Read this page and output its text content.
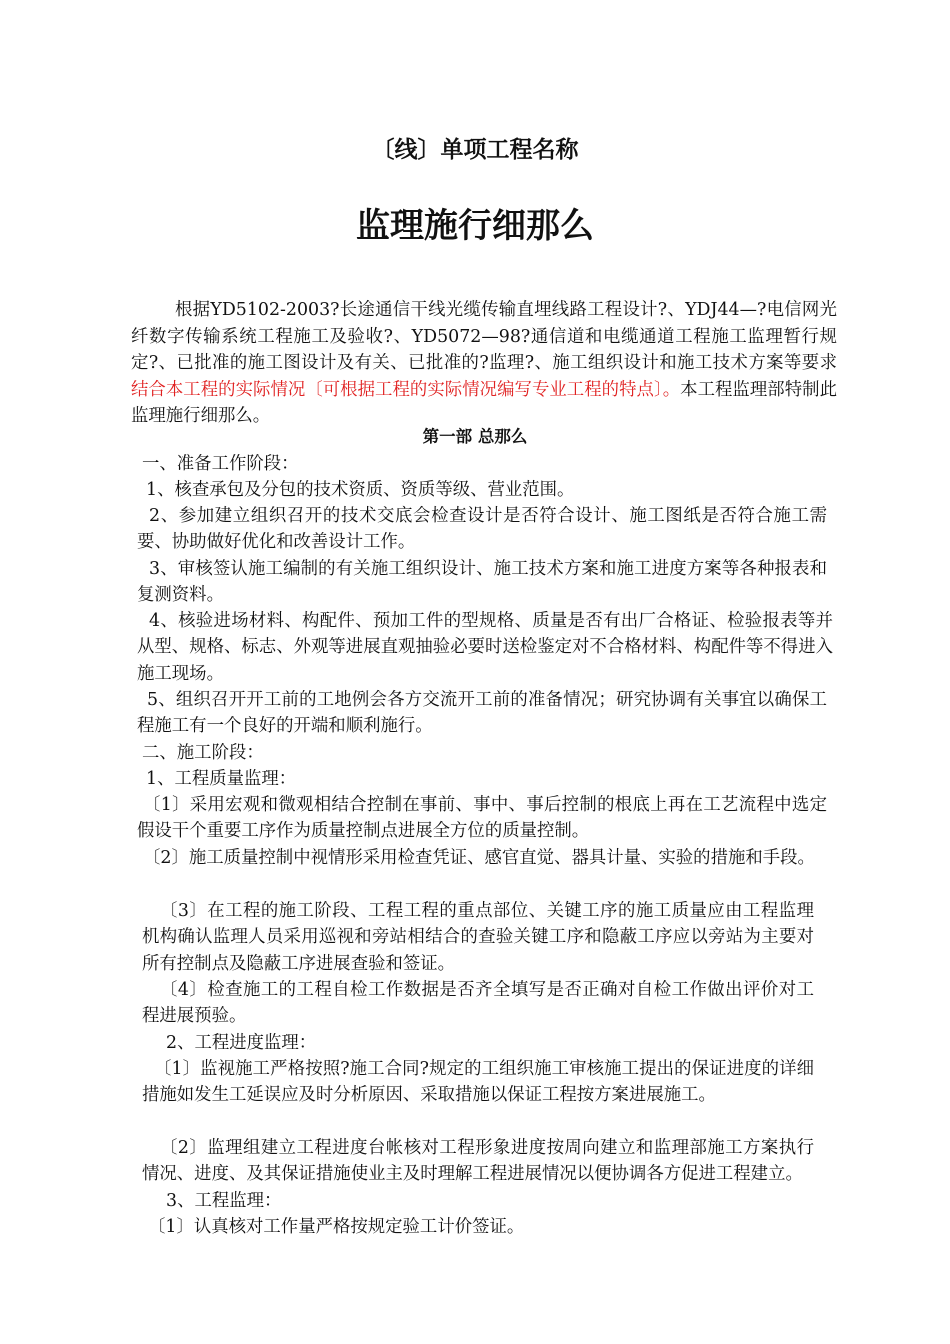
〔线〕单项工程名称
监理施行细那么
根据YD5102-2003?长途通信干线光缆传输直埋线路工程设计?、YDJ44—?电信网光纤数字传输系统工程施工及验收?、YD5072—98?通信道和电缆通道工程施工监理暂行规定?、已批准的施工图设计及有关、已批准的?监理?、施工组织设计和施工技术方案等要求结合本工程的实际情况〔可根据工程的实际情况编写专业工程的特点〕。本工程监理部特制此监理施行细那么。
第一部 总那么
一、准备工作阶段：
1、核查承包及分包的技术资质、资质等级、营业范围。
2、参加建立组织召开的技术交底会检查设计是否符合设计、施工图纸是否符合施工需要、协助做好优化和改善设计工作。
3、审核签认施工编制的有关施工组织设计、施工技术方案和施工进度方案等各种报表和复测资料。
4、核验进场材料、构配件、预加工件的型规格、质量是否有出厂合格证、检验报表等并从型、规格、标志、外观等进展直观抽验必要时送检鉴定对不合格材料、构配件等不得进入施工现场。
5、组织召开开工前的工地例会各方交流开工前的准备情况；研究协调有关事宜以确保工程施工有一个良好的开端和顺利施行。
二、施工阶段：
1、工程质量监理：
〔1〕采用宏观和微观相结合控制在事前、事中、事后控制的根底上再在工艺流程中选定假设干个重要工序作为质量控制点进展全方位的质量控制。
〔2〕施工质量控制中视情形采用检查凭证、感官直觉、器具计量、实验的措施和手段。
〔3〕在工程的施工阶段、工程工程的重点部位、关键工序的施工质量应由工程监理机构确认监理人员采用巡视和旁站相结合的查验关键工序和隐蔽工序应以旁站为主要对所有控制点及隐蔽工序进展查验和签证。
〔4〕检查施工的工程自检工作数据是否齐全填写是否正确对自检工作做出评价对工程进展预验。
2、工程进度监理：
〔1〕监视施工严格按照?施工合同?规定的工组织施工审核施工提出的保证进度的详细措施如发生工延误应及时分析原因、采取措施以保证工程按方案进展施工。
〔2〕监理组建立工程进度台帐核对工程形象进度按周向建立和监理部施工方案执行情况、进度、及其保证措施使业主及时理解工程进展情况以便协调各方促进工程建立。
3、工程监理：
〔1〕认真核对工作量严格按规定验工计价签证。
